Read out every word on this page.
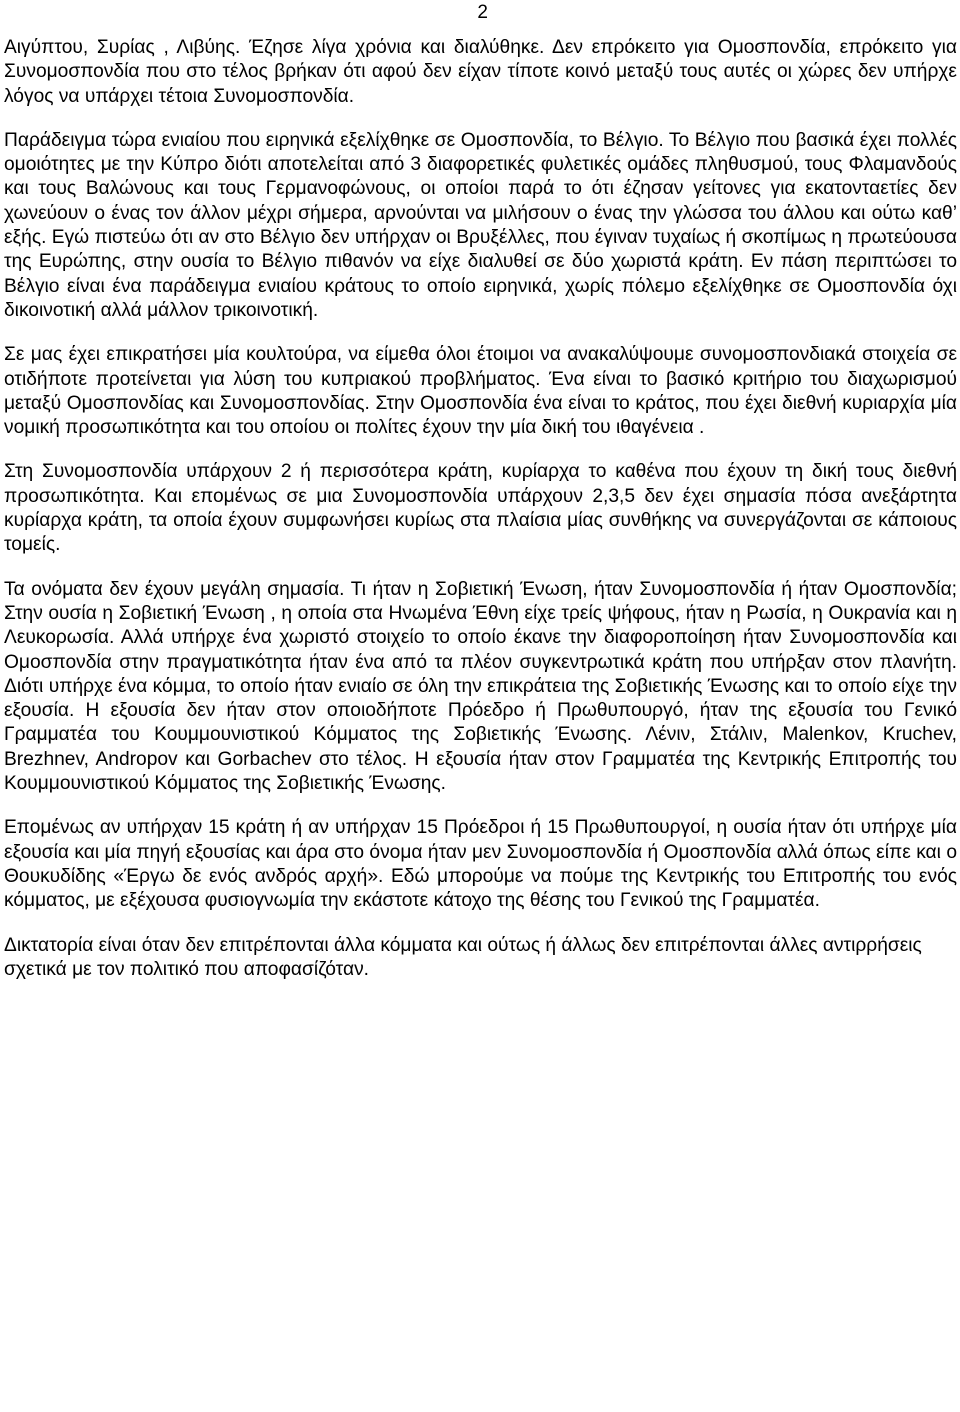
2

Αιγύπτου, Συρίας , Λιβύης. Έζησε λίγα χρόνια και διαλύθηκε. Δεν επρόκειτο για Ομοσπονδία, επρόκειτο για Συνομοσπονδία που στο τέλος βρήκαν ότι αφού δεν είχαν τίποτε κοινό μεταξύ τους αυτές οι χώρες δεν υπήρχε λόγος να υπάρχει τέτοια Συνομοσπονδία.

Παράδειγμα τώρα ενιαίου που ειρηνικά εξελίχθηκε σε Ομοσπονδία, το Βέλγιο. Το Βέλγιο που βασικά έχει πολλές ομοιότητες με την Κύπρο διότι αποτελείται από 3 διαφορετικές φυλετικές ομάδες πληθυσμού, τους Φλαμανδούς και τους Βαλώνους και τους Γερμανοφώνους, οι οποίοι παρά το ότι έζησαν γείτονες για εκατονταετίες δεν χωνεύουν ο ένας τον άλλον μέχρι σήμερα, αρνούνται να μιλήσουν ο ένας την γλώσσα του άλλου και ούτω καθ’ εξής. Εγώ πιστεύω ότι αν στο Βέλγιο δεν υπήρχαν οι Βρυξέλλες, που έγιναν τυχαίως ή σκοπίμως η πρωτεύουσα της Ευρώπης, στην ουσία το Βέλγιο πιθανόν να είχε διαλυθεί σε δύο χωριστά κράτη. Εν πάση περιπτώσει το Βέλγιο είναι ένα παράδειγμα ενιαίου κράτους το οποίο ειρηνικά, χωρίς πόλεμο εξελίχθηκε σε Ομοσπονδία όχι δικοινοτική αλλά μάλλον τρικοινοτική.

Σε μας έχει επικρατήσει μία κουλτούρα, να είμεθα όλοι έτοιμοι να ανακαλύψουμε συνομοσπονδιακά στοιχεία σε οτιδήποτε προτείνεται για λύση του κυπριακού προβλήματος. Ένα είναι το βασικό κριτήριο του διαχωρισμού μεταξύ Ομοσπονδίας και Συνομοσπονδίας. Στην Ομοσπονδία ένα είναι το κράτος, που έχει διεθνή κυριαρχία μία νομική προσωπικότητα και του οποίου οι πολίτες έχουν την μία δική του ιθαγένεια .

Στη Συνομοσπονδία υπάρχουν 2 ή περισσότερα κράτη, κυρίαρχα το καθένα που έχουν τη δική τους διεθνή προσωπικότητα. Και επομένως σε μια Συνομοσπονδία υπάρχουν 2,3,5 δεν έχει σημασία πόσα ανεξάρτητα κυρίαρχα κράτη, τα οποία έχουν συμφωνήσει κυρίως στα πλαίσια μίας συνθήκης να συνεργάζονται σε κάποιους τομείς.

Τα ονόματα δεν έχουν μεγάλη σημασία. Τι ήταν η Σοβιετική Ένωση, ήταν Συνομοσπονδία ή ήταν Ομοσπονδία; Στην ουσία η Σοβιετική Ένωση , η οποία στα Ηνωμένα Έθνη είχε τρείς ψήφους, ήταν η Ρωσία, η Ουκρανία και η Λευκορωσία. Αλλά υπήρχε ένα χωριστό στοιχείο το οποίο έκανε την διαφοροποίηση ήταν Συνομοσπονδία και Ομοσπονδία στην πραγματικότητα ήταν ένα από τα πλέον συγκεντρωτικά κράτη που υπήρξαν στον πλανήτη. Διότι υπήρχε ένα κόμμα, το οποίο ήταν ενιαίο σε όλη την επικράτεια της Σοβιετικής Ένωσης και το οποίο είχε την εξουσία. Η εξουσία δεν ήταν στον οποιοδήποτε Πρόεδρο ή Πρωθυπουργό, ήταν της εξουσία του Γενικό Γραμματέα του Κουμμουνιστικού Κόμματος της Σοβιετικής Ένωσης. Λένιν, Στάλιν, Malenkov, Kruchev, Brezhnev, Andropov και Gorbachev στο τέλος. Η εξουσία ήταν στον Γραμματέα της Κεντρικής Επιτροπής του Κουμμουνιστικού Κόμματος της Σοβιετικής Ένωσης.

Επομένως αν υπήρχαν 15 κράτη ή αν υπήρχαν 15 Πρόεδροι ή 15 Πρωθυπουργοί, η ουσία ήταν ότι υπήρχε μία εξουσία και μία πηγή εξουσίας και άρα στο όνομα ήταν μεν Συνομοσπονδία ή Ομοσπονδία αλλά όπως είπε και ο Θουκυδίδης «Έργω δε ενός ανδρός αρχή». Εδώ μπορούμε να πούμε της Κεντρικής του Επιτροπής του ενός κόμματος, με εξέχουσα φυσιογνωμία την εκάστοτε κάτοχο της θέσης του Γενικού της Γραμματέα.

Δικτατορία είναι όταν δεν επιτρέπονται άλλα κόμματα και ούτως ή άλλως δεν επιτρέπονται άλλες αντιρρήσεις σχετικά με τον πολιτικό που αποφασίζόταν.
